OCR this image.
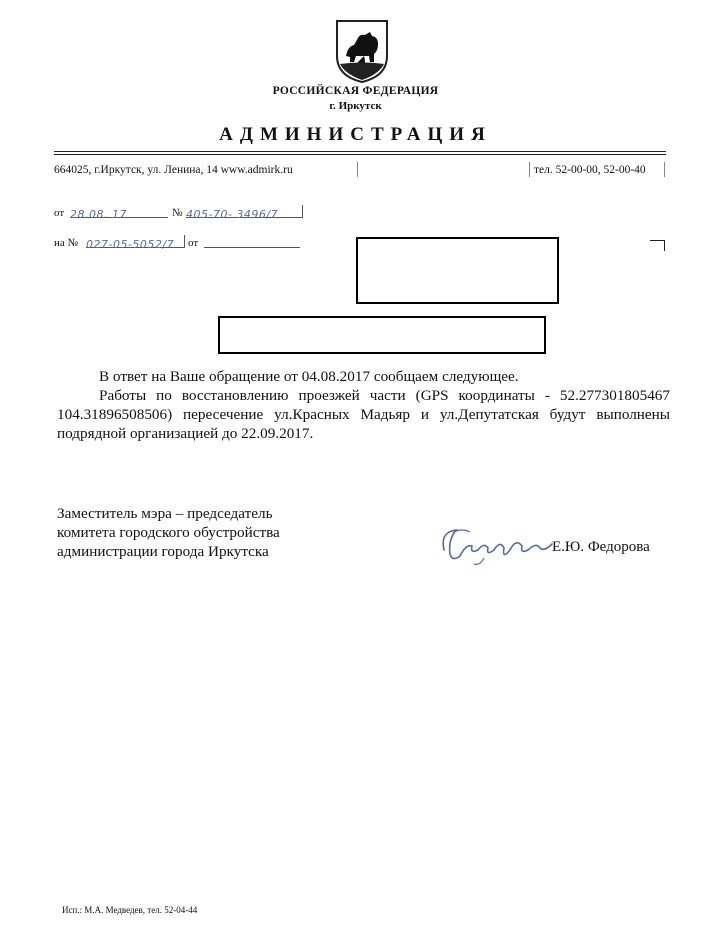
РОССИЙСКАЯ ФЕДЕРАЦИЯ
г. Иркутск
АДМИНИСТРАЦИЯ
664025, г.Иркутск, ул. Ленина, 14 www.admirk.ru	тел. 52-00-00, 52-00-40
от 28.08. 17	№ 405-70- 3496/7
на № 027-05-5052/7	от
В ответ на Ваше обращение от 04.08.2017 сообщаем следующее.
Работы по восстановлению проезжей части (GPS координаты - 52.277301805467 104.31896508506) пересечение ул.Красных Мадьяр и ул.Депутатская будут выполнены подрядной организацией до 22.09.2017.
Заместитель мэра – председатель
комитета городского обустройства
администрации города Иркутска	Е.Ю. Федорова
Исп.: М.А. Медведев, тел. 52-04-44
